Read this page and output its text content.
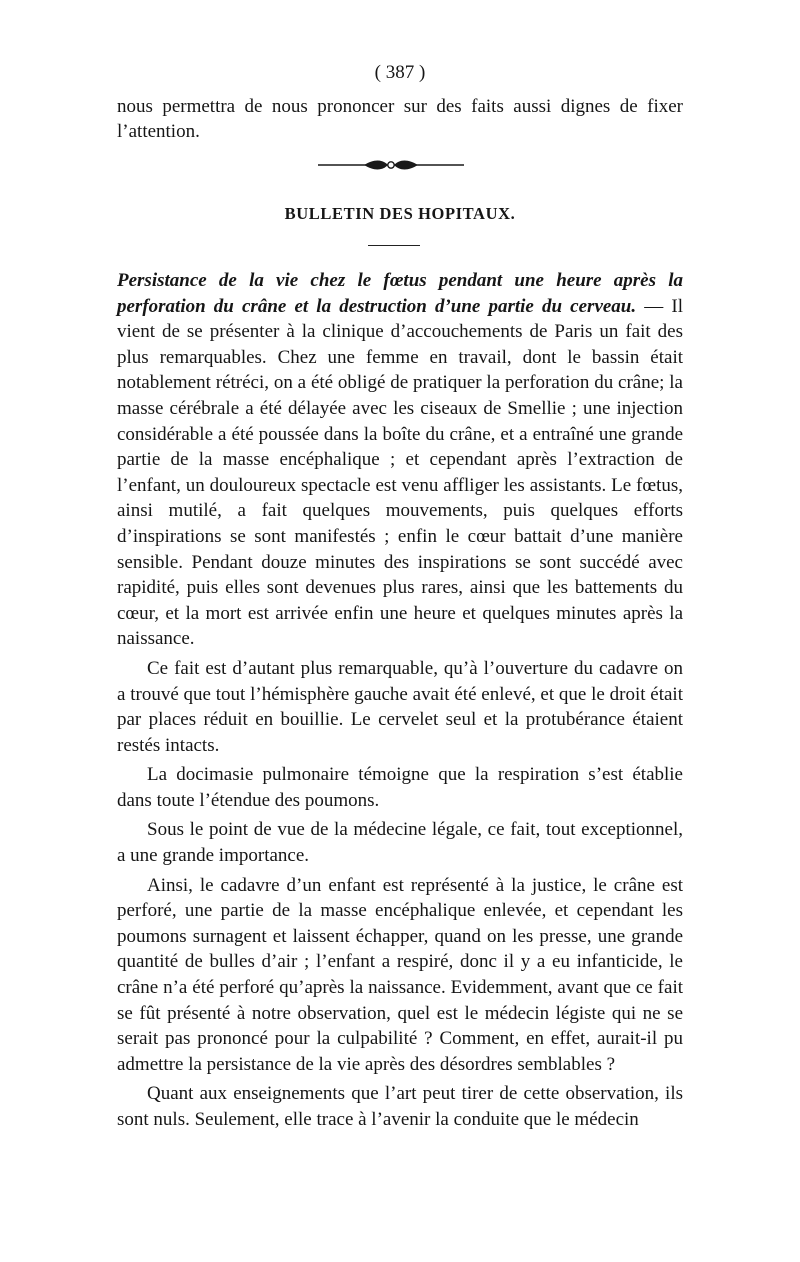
( 387 )
nous permettra de nous prononcer sur des faits aussi dignes de fixer l’attention.
BULLETIN DES HOPITAUX.

Persistance de la vie chez le fœtus pendant une heure après la perforation du crâne et la destruction d’une partie du cerveau. — Il vient de se présenter à la clinique d’accouchements de Paris un fait des plus remarquables. Chez une femme en travail, dont le bassin était notablement rétréci, on a été obligé de pratiquer la perforation du crâne; la masse cérébrale a été délayée avec les ciseaux de Smellie ; une injection considérable a été poussée dans la boîte du crâne, et a entraîné une grande partie de la masse encéphalique ; et cependant après l’extraction de l’enfant, un douloureux spectacle est venu affliger les assistants. Le fœtus, ainsi mutilé, a fait quelques mouvements, puis quelques efforts d’inspirations se sont manifestés ; enfin le cœur battait d’une manière sensible. Pendant douze minutes des inspirations se sont succédé avec rapidité, puis elles sont devenues plus rares, ainsi que les battements du cœur, et la mort est arrivée enfin une heure et quelques minutes après la naissance.

Ce fait est d’autant plus remarquable, qu’à l’ouverture du cadavre on a trouvé que tout l’hémisphère gauche avait été enlevé, et que le droit était par places réduit en bouillie. Le cervelet seul et la protubérance étaient restés intacts.

La docimasie pulmonaire témoigne que la respiration s’est établie dans toute l’étendue des poumons.

Sous le point de vue de la médecine légale, ce fait, tout exceptionnel, a une grande importance.

Ainsi, le cadavre d’un enfant est représenté à la justice, le crâne est perforé, une partie de la masse encéphalique enlevée, et cependant les poumons surnagent et laissent échapper, quand on les presse, une grande quantité de bulles d’air ; l’enfant a respiré, donc il y a eu infanticide, le crâne n’a été perforé qu’après la naissance. Evidemment, avant que ce fait se fût présenté à notre observation, quel est le médecin légiste qui ne se serait pas prononcé pour la culpabilité ? Comment, en effet, aurait-il pu admettre la persistance de la vie après des désordres semblables ?

Quant aux enseignements que l’art peut tirer de cette observation, ils sont nuls. Seulement, elle trace à l’avenir la conduite que le médecin
